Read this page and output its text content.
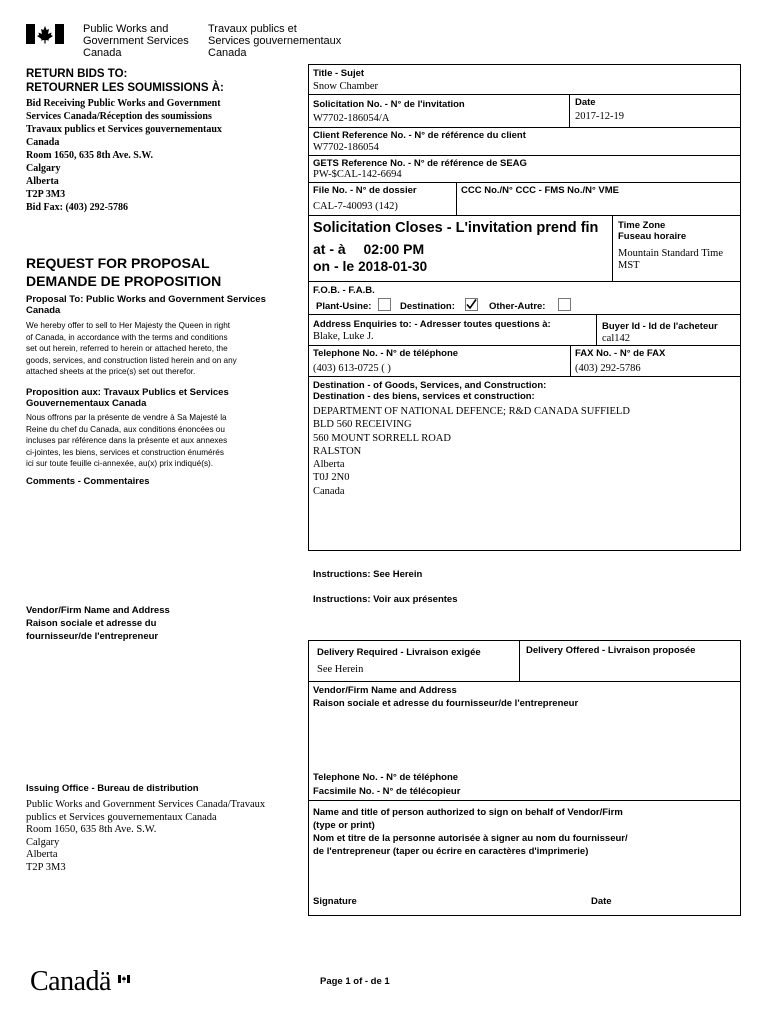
Public Works and
Government Services
Canada
Travaux publics et
Services gouvernementaux
Canada
RETURN BIDS TO:
RETOURNER LES SOUMISSIONS À:
Bid Receiving Public Works and Government
Services Canada/Réception des soumissions
Travaux publics et Services gouvernementaux
Canada
Room 1650, 635 8th Ave. S.W.
Calgary
Alberta
T2P 3M3
Bid Fax: (403) 292-5786
REQUEST FOR PROPOSAL
DEMANDE DE PROPOSITION
Proposal To: Public Works and Government Services Canada
We hereby offer to sell to Her Majesty the Queen in right
of Canada, in accordance with the terms and conditions
set out herein, referred to herein or attached hereto, the
goods, services, and construction listed herein and on any
attached sheets at the price(s) set out therefor.
Proposition aux: Travaux Publics et Services
Gouvernementaux Canada
Nous offrons par la présente de vendre à Sa Majesté la
Reine du chef du Canada, aux conditions énoncées ou
incluses par référence dans la présente et aux annexes
ci-jointes, les biens, services et construction énumérés
ici sur toute feuille ci-annexée, au(x) prix indiqué(s).
Comments - Commentaires
Vendor/Firm Name and Address
Raison sociale et adresse du
fournisseur/de l'entrepreneur
Issuing Office - Bureau de distribution
Public Works and Government Services Canada/Travaux
publics et Services gouvernementaux Canada
Room 1650, 635 8th Ave. S.W.
Calgary
Alberta
T2P 3M3
Title - Sujet
Snow Chamber
Solicitation No. - N° de l'invitation
W7702-186054/A
Date
2017-12-19
Client Reference No. - N° de référence du client
W7702-186054
GETS Reference No. - N° de référence de SEAG
PW-$CAL-142-6694
File No. - N° de dossier
CAL-7-40093 (142)
CCC No./N° CCC - FMS No./N° VME
Solicitation Closes - L'invitation prend fin
at - à 02:00 PM
on - le 2018-01-30
Time Zone
Fuseau horaire
Mountain Standard Time
MST
F.O.B. - F.A.B.
Plant-Usine:	Destination:	Other-Autre:
Address Enquiries to: - Adresser toutes questions à:
Blake, Luke J.
Buyer Id - Id de l'acheteur
cal142
Telephone No. - N° de téléphone
(403) 613-0725 ( )
FAX No. - N° de FAX
(403) 292-5786
Destination - of Goods, Services, and Construction:
Destination - des biens, services et construction:
DEPARTMENT OF NATIONAL DEFENCE; R&D CANADA SUFFIELD
BLD 560 RECEIVING
560 MOUNT SORRELL ROAD
RALSTON
Alberta
T0J 2N0
Canada
Instructions: See Herein
Instructions: Voir aux présentes
Delivery Required - Livraison exigée
See Herein
Delivery Offered - Livraison proposée
Vendor/Firm Name and Address
Raison sociale et adresse du fournisseur/de l'entrepreneur
Telephone No. - N° de téléphone
Facsimile No. - N° de télécopieur
Name and title of person authorized to sign on behalf of Vendor/Firm
(type or print)
Nom et titre de la personne autorisée à signer au nom du fournisseur/
de l'entrepreneur (taper ou écrire en caractères d'imprimerie)
Signature	Date
Canadä	Page 1 of - de 1
